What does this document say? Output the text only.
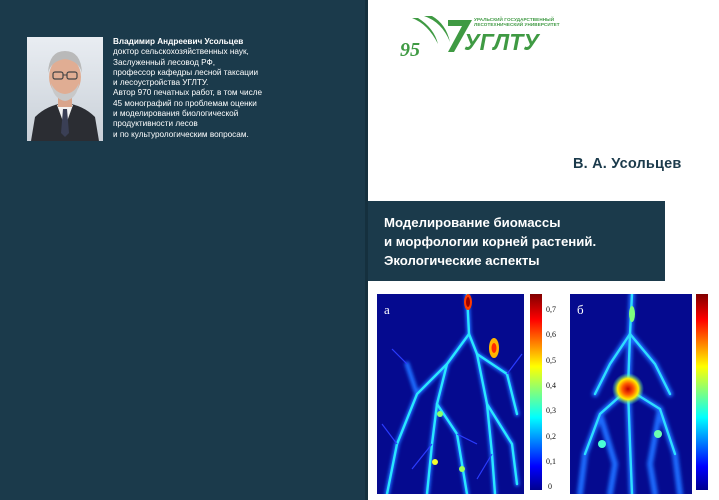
Владимир Андреевич Усольцев
доктор сельскохозяйственных наук,
Заслуженный лесовод РФ,
профессор кафедры лесной таксации
и лесоустройства УГЛТУ.
Автор 970 печатных работ, в том числе
45 монографий по проблемам оценки
и моделирования биологической
продуктивности лесов
и по культурологическим вопросам.
95 УГЛТУ
УРАЛЬСКИЙ ГОСУДАРСТВЕННЫЙ
ЛЕСОТЕХНИЧЕСКИЙ УНИВЕРСИТЕТ
В. А. Усольцев
Моделирование биомассы
и морфологии корней растений.
Экологические аспекты
а	0,7
0,6
0,5
0,4
0,3
0,2
0,1
0
б
